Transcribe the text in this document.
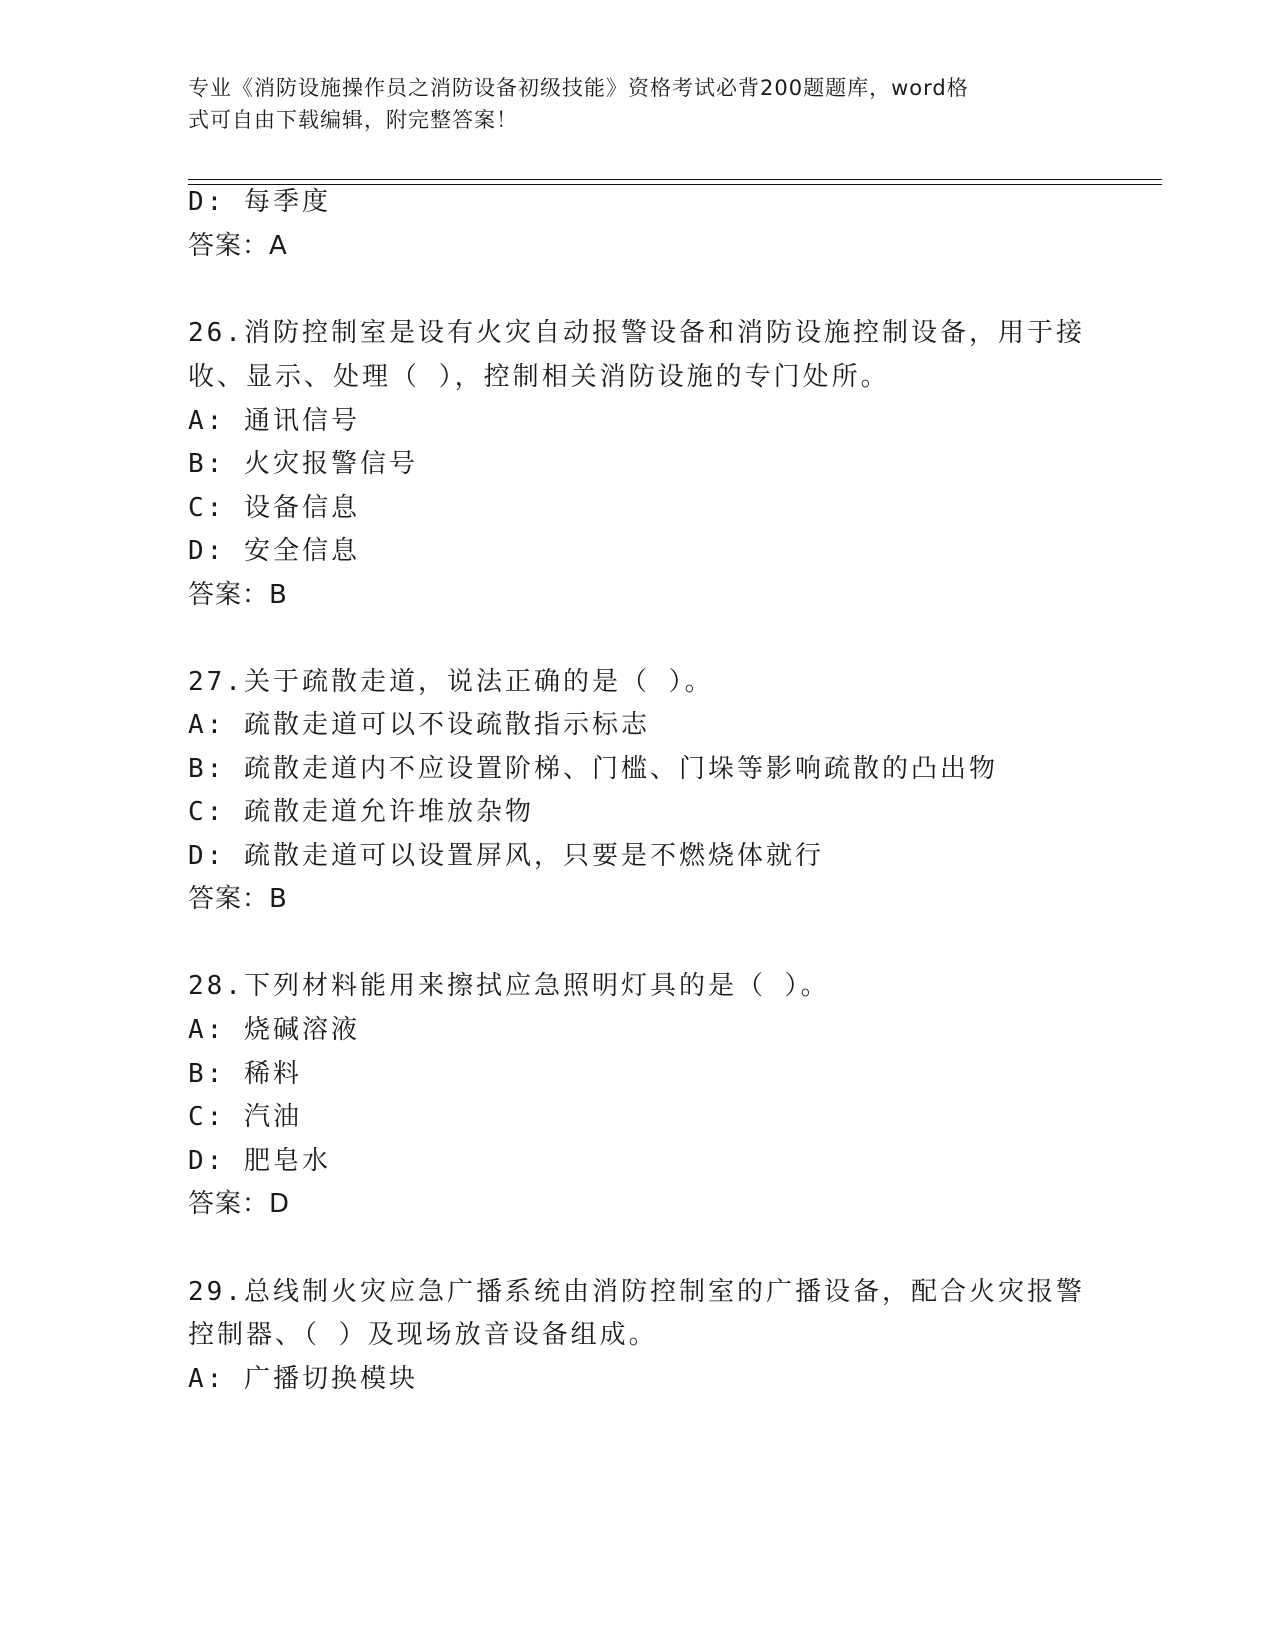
专业《消防设施操作员之消防设备初级技能》资格考试必背200题题库，word格
式可自由下载编辑，附完整答案！
D: 每季度
答案：A
26.消防控制室是设有火灾自动报警设备和消防设施控制设备，用于接
收、显示、处理（ ），控制相关消防设施的专门处所。
A: 通讯信号
B: 火灾报警信号
C: 设备信息
D: 安全信息
答案：B
27.关于疏散走道，说法正确的是（ ）。
A: 疏散走道可以不设疏散指示标志
B: 疏散走道内不应设置阶梯、门槛、门垛等影响疏散的凸出物
C: 疏散走道允许堆放杂物
D: 疏散走道可以设置屏风，只要是不燃烧体就行
答案：B
28.下列材料能用来擦拭应急照明灯具的是（ ）。
A: 烧碱溶液
B: 稀料
C: 汽油
D: 肥皂水
答案：D
29.总线制火灾应急广播系统由消防控制室的广播设备，配合火灾报警
控制器、（ ）及现场放音设备组成。
A: 广播切换模块
